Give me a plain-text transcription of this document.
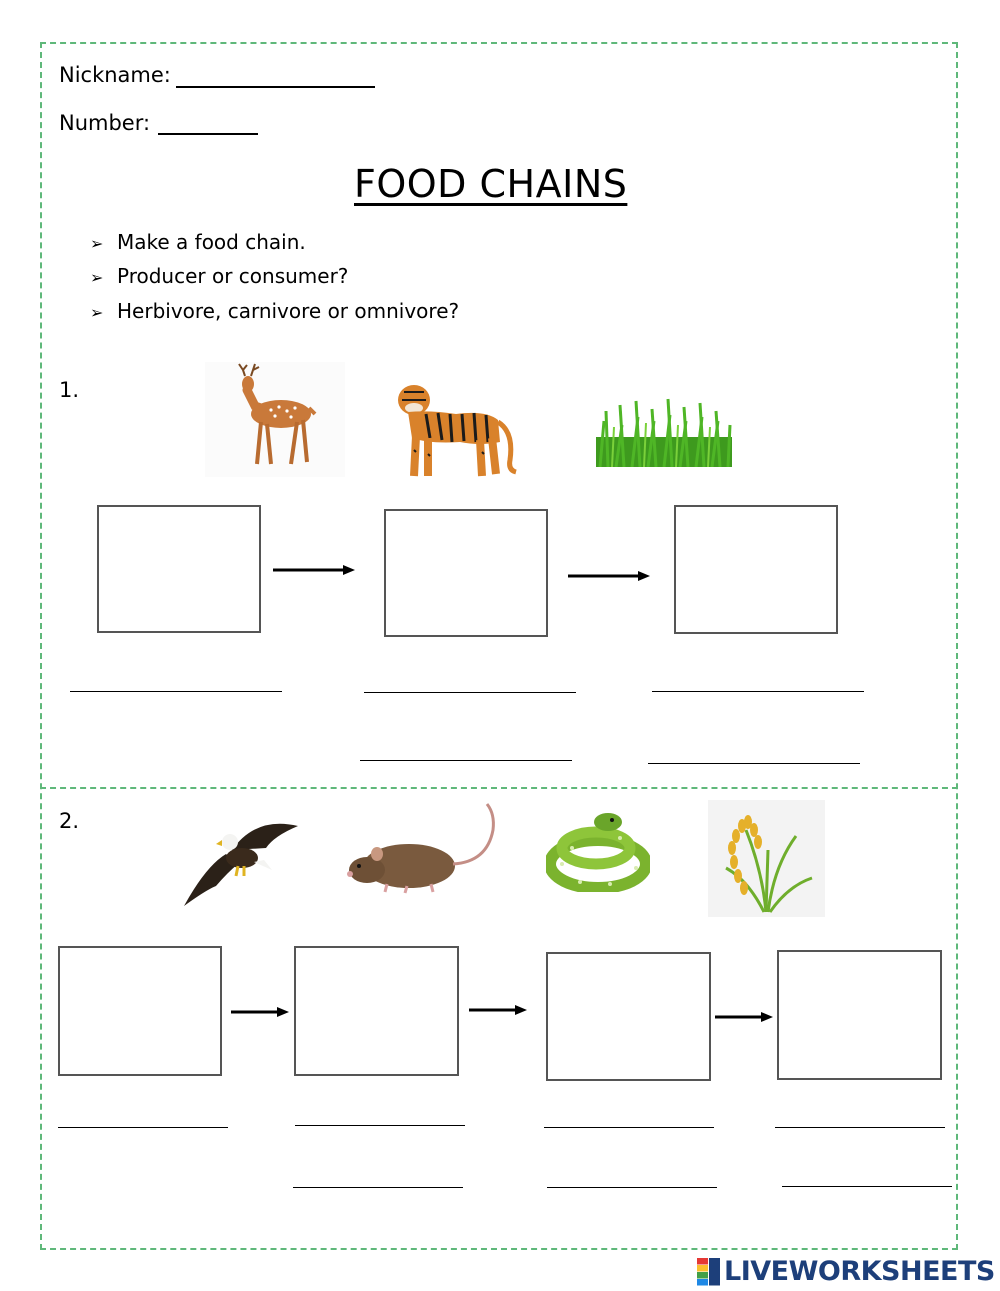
Nickname:
Number:
FOOD CHAINS
➢ Make a food chain.
➢ Producer or consumer?
➢ Herbivore, carnivore or omnivore?
1.
2.
LIVEWORKSHEETS
